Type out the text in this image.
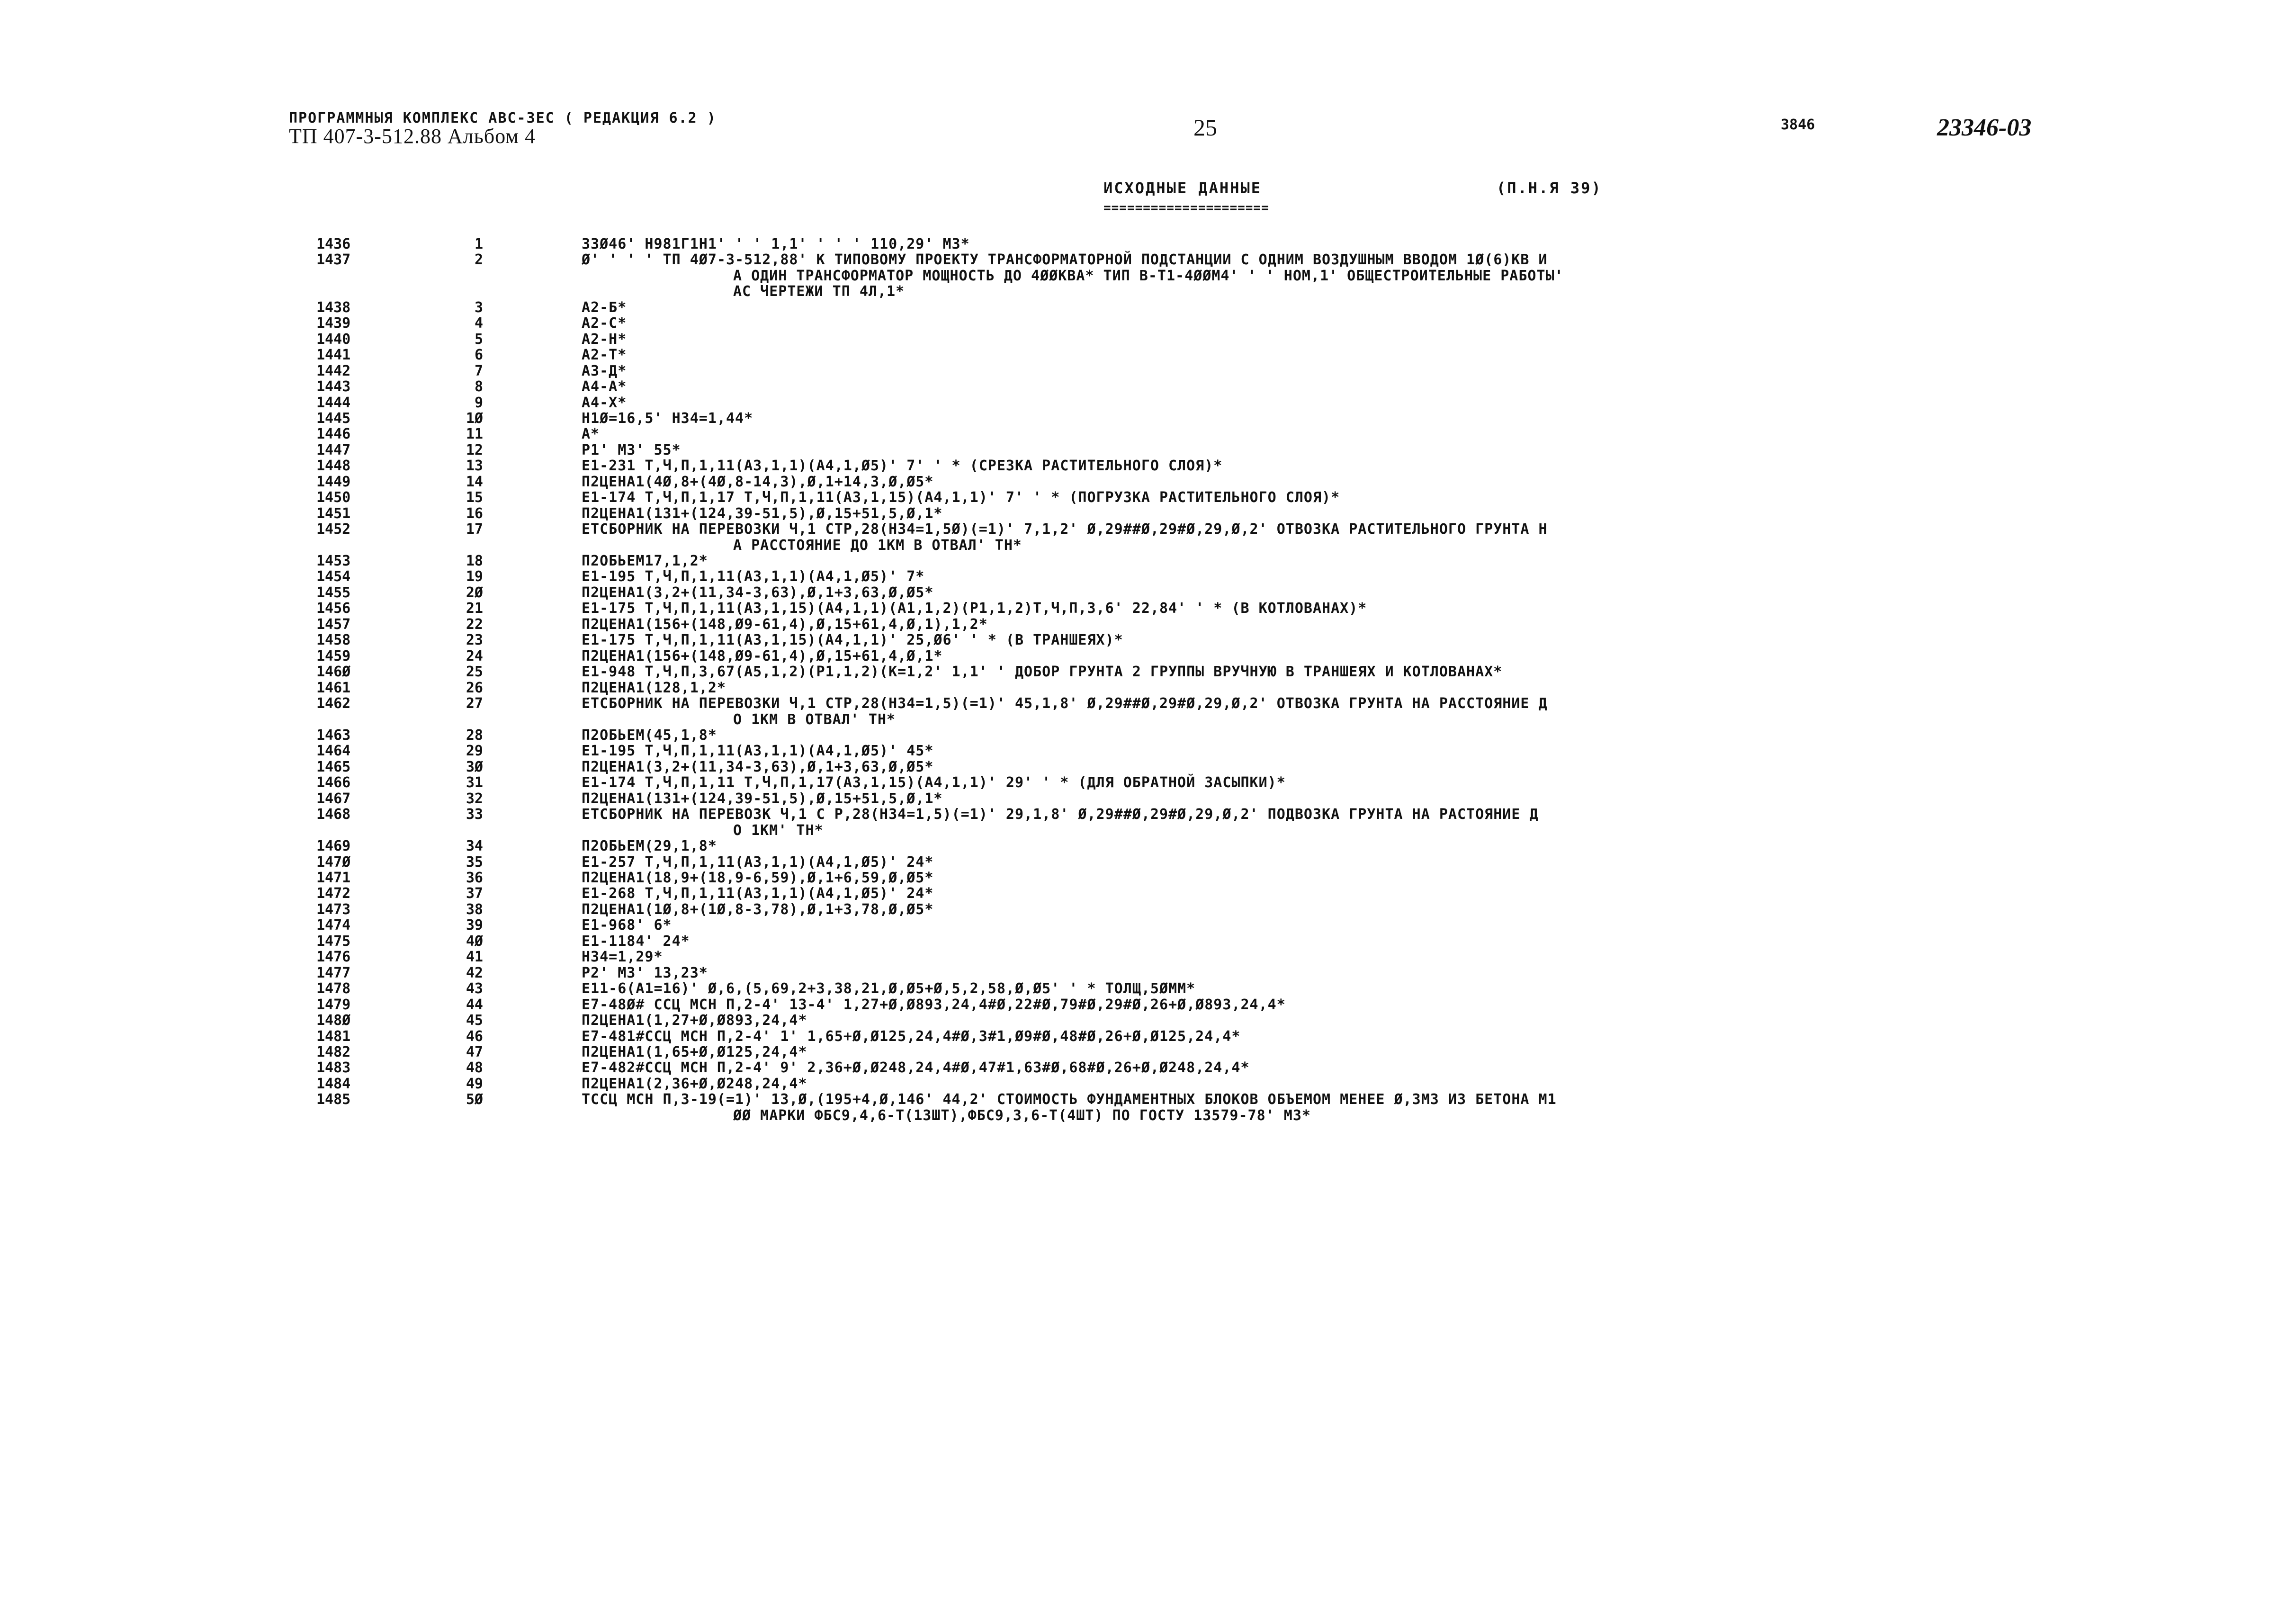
ПРОГРАММНЫЯ КОМПЛЕКС АВС-ЗЕС ( РЕДАКЦИЯ 6.2 )
ТП 407-3-512.88 Альбом 4	25	3846	23346-03
ИСХОДНЫЕ ДАННЫЕ
=====================
(П.Н.Я 39)
1436	1	33Ø46' Н981Г1Н1' ' ' 1,1' ' ' ' 110,29' М3*
1437	2	Ø' ' ' ' ТП 4Ø7-3-512,88' К ТИПОВОМУ ПРОЕКТУ ТРАНСФОРМАТОРНОЙ ПОДСТАНЦИИ С ОДНИМ ВОЗДУШНЫМ ВВОДОМ 1Ø(6)КВ И
А ОДИН ТРАНСФОРМАТОР МОЩНОСТЬ ДО 4ØØКВА* ТИП В-Т1-4ØØМ4' ' ' НОМ,1' ОБЩЕСТРОИТЕЛЬНЫЕ РАБОТЫ'
АС ЧЕРТЕЖИ ТП 4Л,1*
1438	3	А2-Б*
1439	4	А2-С*
1440	5	А2-Н*
1441	6	А2-Т*
1442	7	А3-Д*
1443	8	А4-А*
1444	9	А4-Х*
1445	1Ø	Н1Ø=16,5' Н34=1,44*
1446	11	А*
1447	12	Р1' М3' 55*
1448	13	Е1-231 Т,Ч,П,1,11(А3,1,1)(А4,1,Ø5)' 7' ' * (СРЕЗКА РАСТИТЕЛЬНОГО СЛОЯ)*
1449	14	П2ЦЕНА1(4Ø,8+(4Ø,8-14,3),Ø,1+14,3,Ø,Ø5*
1450	15	Е1-174 Т,Ч,П,1,17 Т,Ч,П,1,11(А3,1,15)(А4,1,1)' 7' ' * (ПОГРУЗКА РАСТИТЕЛЬНОГО СЛОЯ)*
1451	16	П2ЦЕНА1(131+(124,39-51,5),Ø,15+51,5,Ø,1*
1452	17	ЕТСБОРНИК НА ПЕРЕВОЗКИ Ч,1 СТР,28(Н34=1,5Ø)(=1)' 7,1,2' Ø,29##Ø,29#Ø,29,Ø,2' ОТВОЗКА РАСТИТЕЛЬНОГО ГРУНТА Н
А РАССТОЯНИЕ ДО 1КМ В ОТВАЛ' ТН*
1453	18	П2ОБЬЕМ17,1,2*
1454	19	Е1-195 Т,Ч,П,1,11(А3,1,1)(А4,1,Ø5)' 7*
1455	2Ø	П2ЦЕНА1(3,2+(11,34-3,63),Ø,1+3,63,Ø,Ø5*
1456	21	Е1-175 Т,Ч,П,1,11(А3,1,15)(А4,1,1)(А1,1,2)(Р1,1,2)Т,Ч,П,3,6' 22,84' ' * (В КОТЛОВАНАХ)*
1457	22	П2ЦЕНА1(156+(148,Ø9-61,4),Ø,15+61,4,Ø,1),1,2*
1458	23	Е1-175 Т,Ч,П,1,11(А3,1,15)(А4,1,1)' 25,Ø6' ' * (В ТРАНШЕЯХ)*
1459	24	П2ЦЕНА1(156+(148,Ø9-61,4),Ø,15+61,4,Ø,1*
146Ø	25	Е1-948 Т,Ч,П,3,67(А5,1,2)(Р1,1,2)(К=1,2' 1,1' ' ДОБОР ГРУНТА 2 ГРУППЫ ВРУЧНУЮ В ТРАНШЕЯХ И КОТЛОВАНАХ*
1461	26	П2ЦЕНА1(128,1,2*
1462	27	ЕТСБОРНИК НА ПЕРЕВОЗКИ Ч,1 СТР,28(Н34=1,5)(=1)' 45,1,8' Ø,29##Ø,29#Ø,29,Ø,2' ОТВОЗКА ГРУНТА НА РАССТОЯНИЕ Д
О 1КМ В ОТВАЛ' ТН*
1463	28	П2ОБЬЕМ(45,1,8*
1464	29	Е1-195 Т,Ч,П,1,11(А3,1,1)(А4,1,Ø5)' 45*
1465	3Ø	П2ЦЕНА1(3,2+(11,34-3,63),Ø,1+3,63,Ø,Ø5*
1466	31	Е1-174 Т,Ч,П,1,11 Т,Ч,П,1,17(А3,1,15)(А4,1,1)' 29' ' * (ДЛЯ ОБРАТНОЙ ЗАСЫПКИ)*
1467	32	П2ЦЕНА1(131+(124,39-51,5),Ø,15+51,5,Ø,1*
1468	33	ЕТСБОРНИК НА ПЕРЕВОЗК Ч,1 С Р,28(Н34=1,5)(=1)' 29,1,8' Ø,29##Ø,29#Ø,29,Ø,2' ПОДВОЗКА ГРУНТА НА РАСТОЯНИЕ Д
О 1КМ' ТН*
1469	34	П2ОБЬЕМ(29,1,8*
147Ø	35	Е1-257 Т,Ч,П,1,11(А3,1,1)(А4,1,Ø5)' 24*
1471	36	П2ЦЕНА1(18,9+(18,9-6,59),Ø,1+6,59,Ø,Ø5*
1472	37	Е1-268 Т,Ч,П,1,11(А3,1,1)(А4,1,Ø5)' 24*
1473	38	П2ЦЕНА1(1Ø,8+(1Ø,8-3,78),Ø,1+3,78,Ø,Ø5*
1474	39	Е1-968' 6*
1475	4Ø	Е1-1184' 24*
1476	41	Н34=1,29*
1477	42	Р2' М3' 13,23*
1478	43	Е11-6(А1=16)' Ø,6,(5,69,2+3,38,21,Ø,Ø5+Ø,5,2,58,Ø,Ø5' ' * ТОЛЩ,5ØММ*
1479	44	Е7-48Ø# ССЦ МСН П,2-4' 13-4' 1,27+Ø,Ø893,24,4#Ø,22#Ø,79#Ø,29#Ø,26+Ø,Ø893,24,4*
148Ø	45	П2ЦЕНА1(1,27+Ø,Ø893,24,4*
1481	46	Е7-481#ССЦ МСН П,2-4' 1' 1,65+Ø,Ø125,24,4#Ø,3#1,Ø9#Ø,48#Ø,26+Ø,Ø125,24,4*
1482	47	П2ЦЕНА1(1,65+Ø,Ø125,24,4*
1483	48	Е7-482#ССЦ МСН П,2-4' 9' 2,36+Ø,Ø248,24,4#Ø,47#1,63#Ø,68#Ø,26+Ø,Ø248,24,4*
1484	49	П2ЦЕНА1(2,36+Ø,Ø248,24,4*
1485	5Ø	ТССЦ МСН П,3-19(=1)' 13,Ø,(195+4,Ø,146' 44,2' СТОИМОСТЬ ФУНДАМЕНТНЫХ БЛОКОВ ОБЪЕМОМ МЕНЕЕ Ø,3М3 ИЗ БЕТОНА М1
ØØ МАРКИ ФБС9,4,6-Т(13ШТ),ФБС9,3,6-Т(4ШТ) ПО ГОСТУ 13579-78' М3*
